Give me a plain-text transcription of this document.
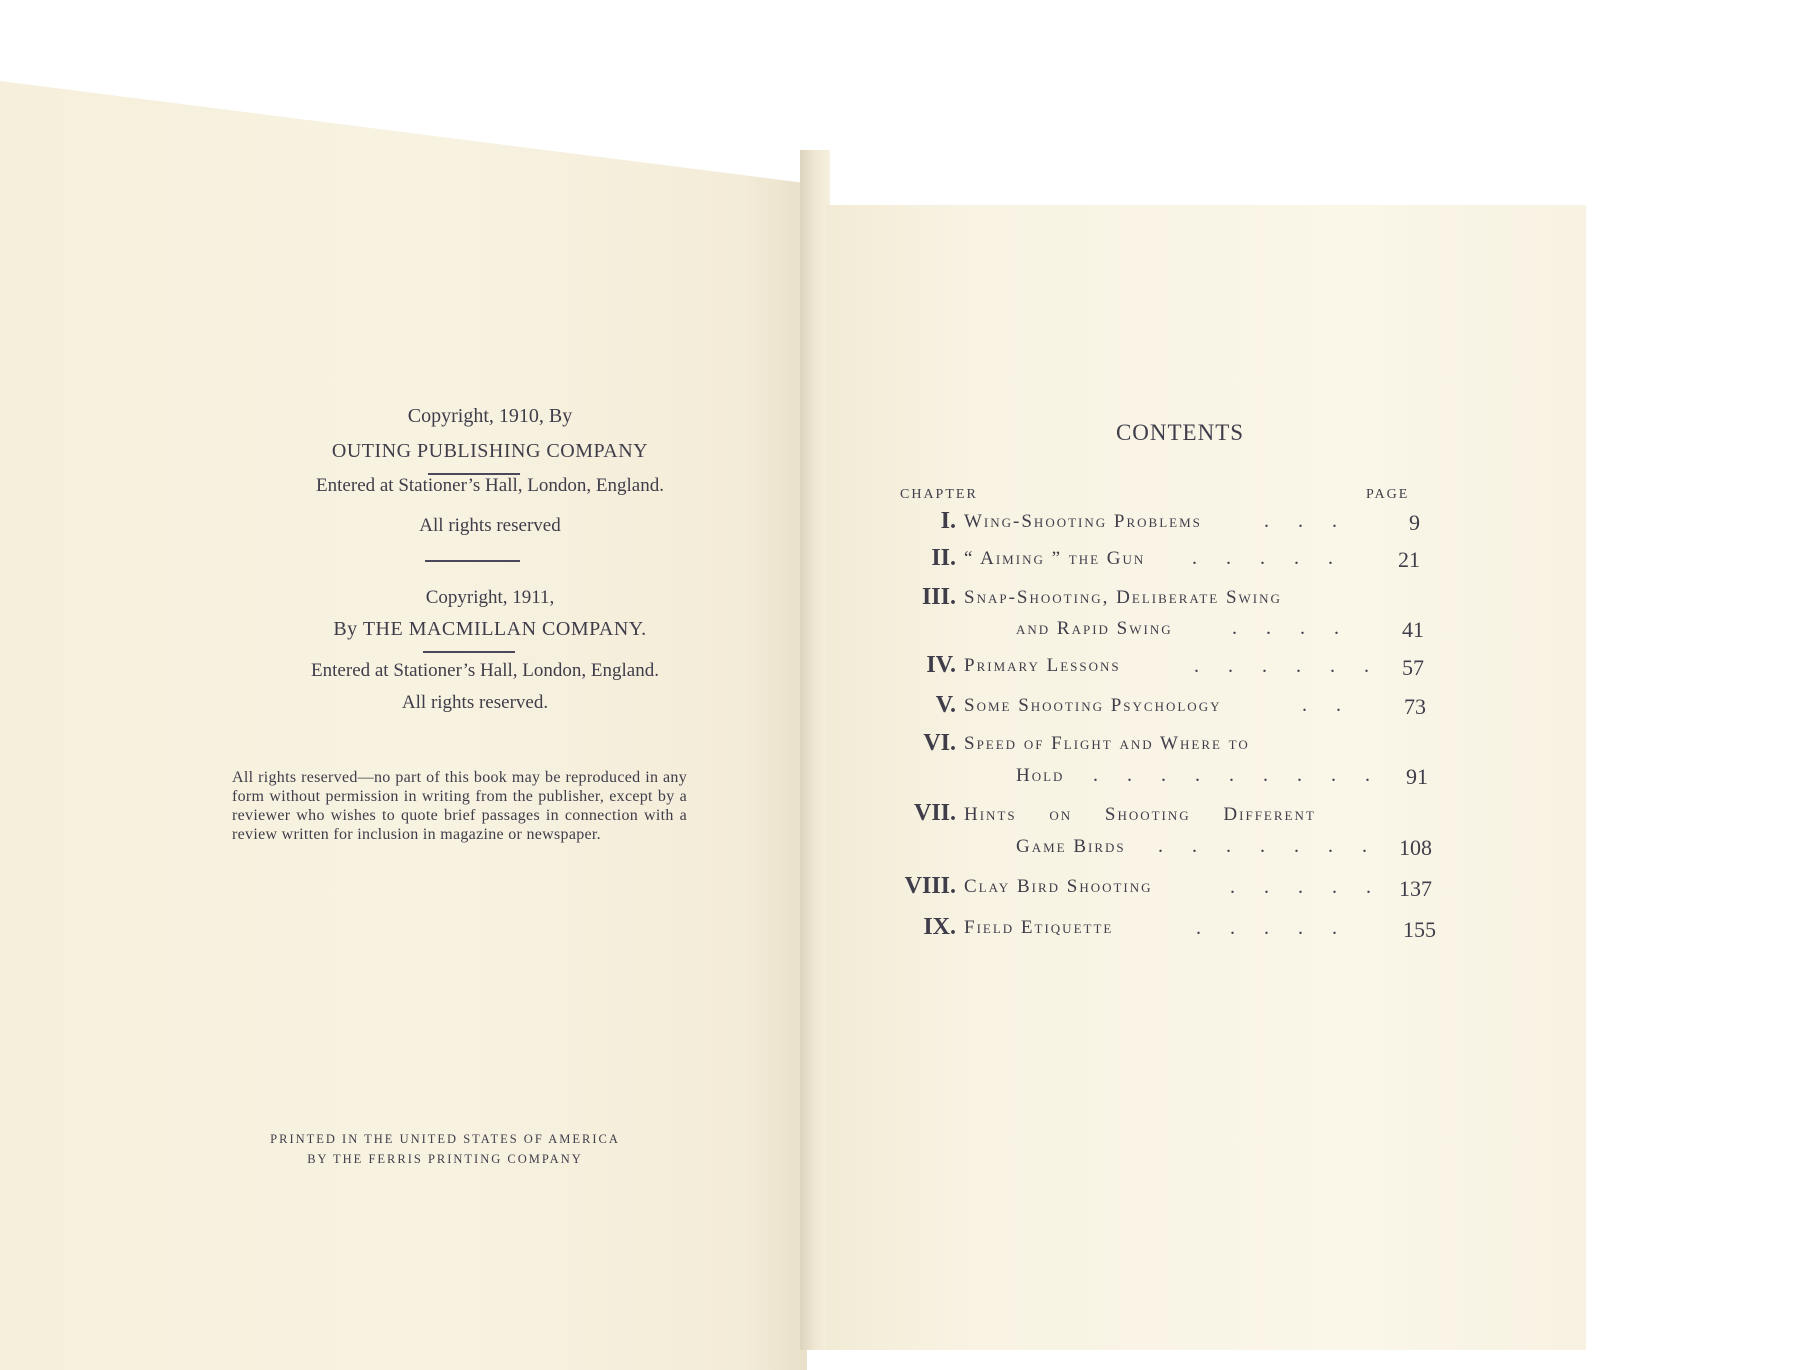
Copyright, 1910, By
OUTING PUBLISHING COMPANY
Entered at Stationer’s Hall, London, England.
All rights reserved
Copyright, 1911,
By THE MACMILLAN COMPANY.
Entered at Stationer’s Hall, London, England.
All rights reserved.
All rights reserved—no part of this book may be reproduced in any form without permission in writing from the publisher, except by a reviewer who wishes to quote brief passages in connection with a review written for inclusion in magazine or newspaper.
PRINTED IN THE UNITED STATES OF AMERICA
BY THE FERRIS PRINTING COMPANY
CONTENTS
CHAPTER	PAGE
I. Wing-Shooting Problems	. . .	9
II. “ Aiming ” the Gun . . . . .	21
III. Snap-Shooting, Deliberate Swing
and Rapid Swing	. . . .	41
IV. Primary Lessons	. . . . . . 57
V. Some Shooting Psychology	. .	73
VI. Speed of Flight and Where to
Hold . . . . . . . . .	91
VII. Hints on Shooting Different
Game Birds . . . . . . . 108
VIII. Clay Bird Shooting	. . . . . 137
IX. Field Etiquette	. . . . .	155
